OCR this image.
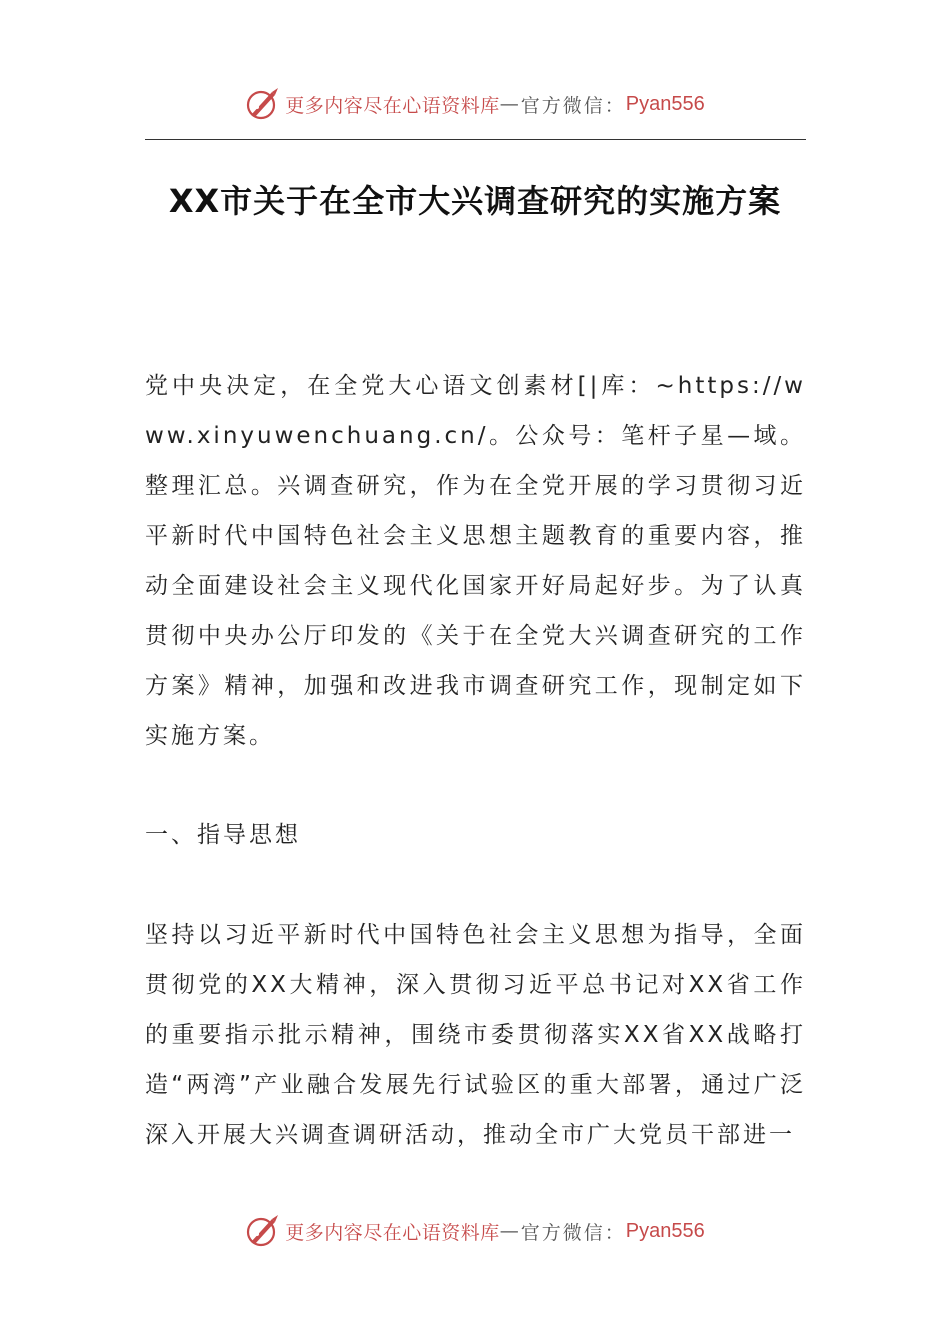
更多内容尽在心语资料库 — 官方微信： Pyan556
XX市关于在全市大兴调查研究的实施方案

党中央决定，在全党大心语文创素材[|库：~https://www.xinyuwenchuang.cn/。公众号：笔杆子星—域。整理汇总。兴调查研究，作为在全党开展的学习贯彻习近平新时代中国特色社会主义思想主题教育的重要内容，推动全面建设社会主义现代化国家开好局起好步。为了认真贯彻中央办公厅印发的《关于在全党大兴调查研究的工作方案》精神，加强和改进我市调查研究工作，现制定如下实施方案。

一、指导思想

坚持以习近平新时代中国特色社会主义思想为指导，全面贯彻党的XX大精神，深入贯彻习近平总书记对XX省工作的重要指示批示精神，围绕市委贯彻落实XX省XX战略打造“两湾”产业融合发展先行试验区的重大部署，通过广泛深入开展大兴调查调研活动，推动全市广大党员干部进一

更多内容尽在心语资料库 — 官方微信： Pyan556
